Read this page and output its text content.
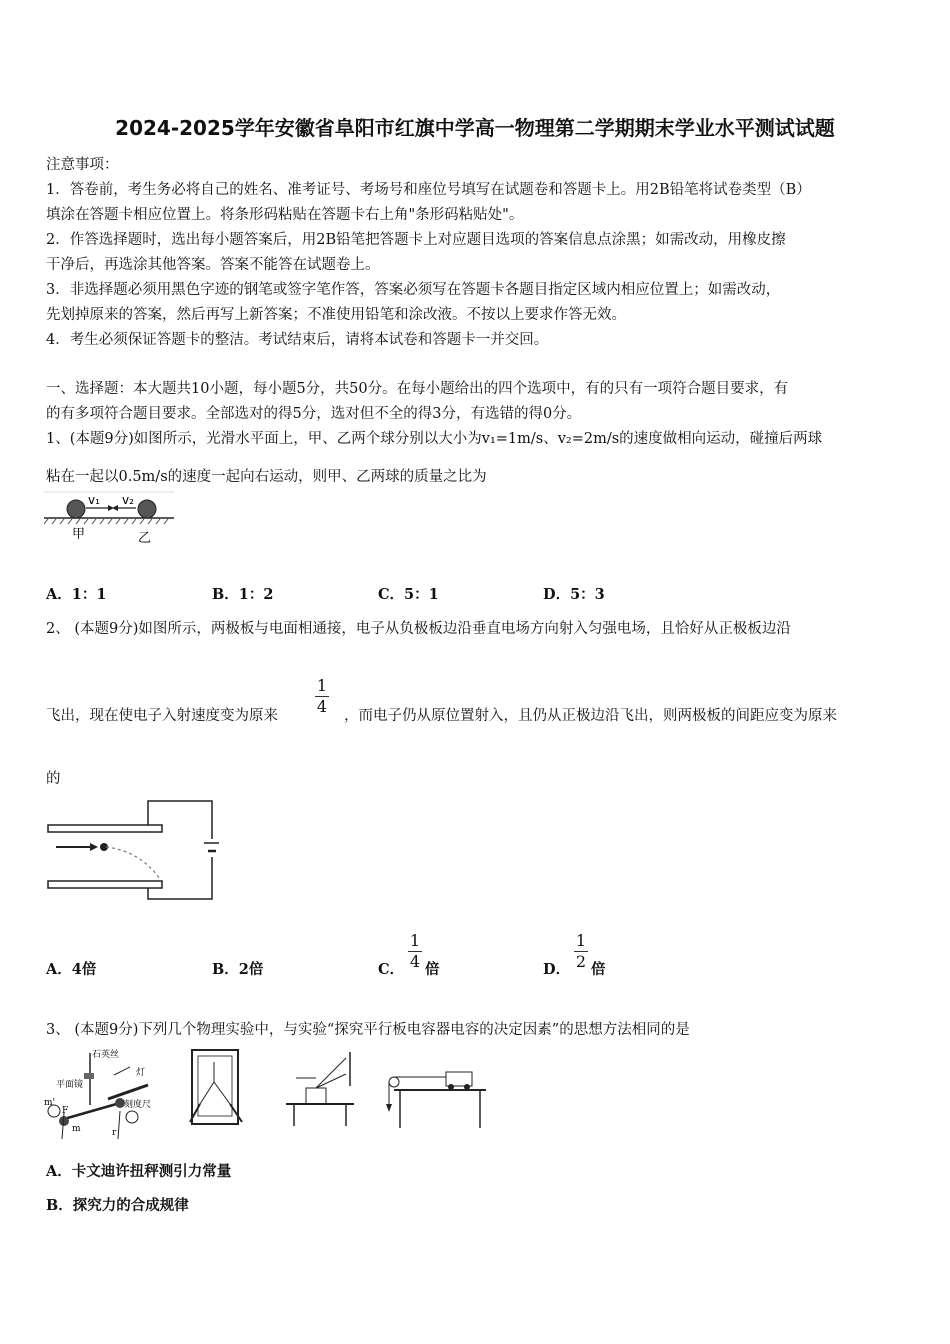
2024-2025学年安徽省阜阳市红旗中学高一物理第二学期期末学业水平测试试题
注意事项：
1．答卷前，考生务必将自己的姓名、准考证号、考场号和座位号填写在试题卷和答题卡上。用2B铅笔将试卷类型（B）
填涂在答题卡相应位置上。将条形码粘贴在答题卡右上角"条形码粘贴处"。
2．作答选择题时，选出每小题答案后，用2B铅笔把答题卡上对应题目选项的答案信息点涂黑；如需改动，用橡皮擦
干净后，再选涂其他答案。答案不能答在试题卷上。
3．非选择题必须用黑色字迹的钢笔或签字笔作答，答案必须写在答题卡各题目指定区域内相应位置上；如需改动，
先划掉原来的答案，然后再写上新答案；不准使用铅笔和涂改液。不按以上要求作答无效。
4．考生必须保证答题卡的整洁。考试结束后，请将本试卷和答题卡一并交回。
一、选择题：本大题共10小题，每小题5分，共50分。在每小题给出的四个选项中，有的只有一项符合题目要求，有
的有多项符合题目要求。全部选对的得5分，选对但不全的得3分，有选错的得0分。
1、(本题9分)如图所示，光滑水平面上，甲、乙两个球分别以大小为v₁=1m/s、v₂=2m/s的速度做相向运动，碰撞后两球
粘在一起以0.5m/s的速度一起向右运动，则甲、乙两球的质量之比为
v₁ v₂
甲	乙
A．1：1	B．1：2	C．5：1	D．5：3
2、 (本题9分)如图所示，两极板与电面相通接，电子从负极板边沿垂直电场方向射入匀强电场，且恰好从正极板边沿
飞出，现在使电子入射速度变为原来
1
4 ，而电子仍从原位置射入，且仍从正极边沿飞出，则两极板的间距应变为原来
的
A．4倍	B．2倍	C．
1
4 倍	D．
1
2 倍
3、 (本题9分)下列几个物理实验中，与实验“探究平行板电容器电容的决定因素”的思想方法相同的是
石英丝
灯
平面镜
刻度尺
m'
m
F
r
A．卡文迪许扭秤测引力常量
B．探究力的合成规律
